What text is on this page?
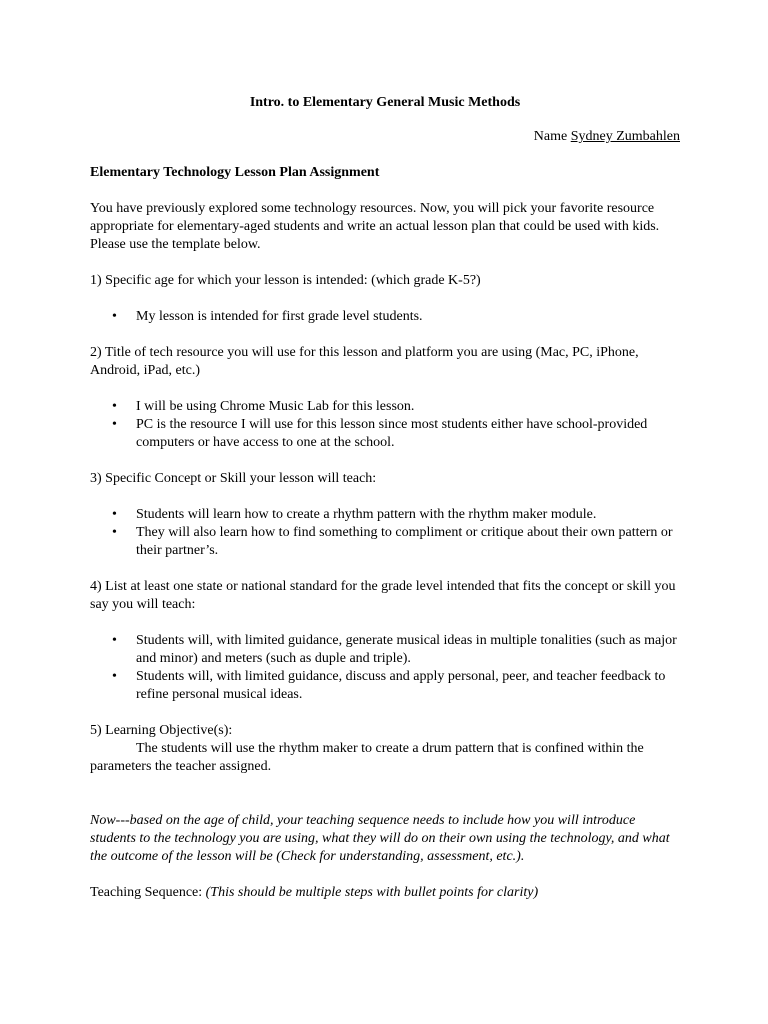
Intro. to Elementary General Music Methods

Name Sydney Zumbahlen

Elementary Technology Lesson Plan Assignment

You have previously explored some technology resources. Now, you will pick your favorite resource appropriate for elementary-aged students and write an actual lesson plan that could be used with kids. Please use the template below.

1) Specific age for which your lesson is intended: (which grade K-5?)

• My lesson is intended for first grade level students.

2) Title of tech resource you will use for this lesson and platform you are using (Mac, PC, iPhone, Android, iPad, etc.)

• I will be using Chrome Music Lab for this lesson.
• PC is the resource I will use for this lesson since most students either have school-provided computers or have access to one at the school.

3) Specific Concept or Skill your lesson will teach:

• Students will learn how to create a rhythm pattern with the rhythm maker module.
• They will also learn how to find something to compliment or critique about their own pattern or their partner’s.

4) List at least one state or national standard for the grade level intended that fits the concept or skill you say you will teach:

• Students will, with limited guidance, generate musical ideas in multiple tonalities (such as major and minor) and meters (such as duple and triple).
• Students will, with limited guidance, discuss and apply personal, peer, and teacher feedback to refine personal musical ideas.

5) Learning Objective(s):

The students will use the rhythm maker to create a drum pattern that is confined within the parameters the teacher assigned.

Now---based on the age of child, your teaching sequence needs to include how you will introduce students to the technology you are using, what they will do on their own using the technology, and what the outcome of the lesson will be (Check for understanding, assessment, etc.).

Teaching Sequence: (This should be multiple steps with bullet points for clarity)
